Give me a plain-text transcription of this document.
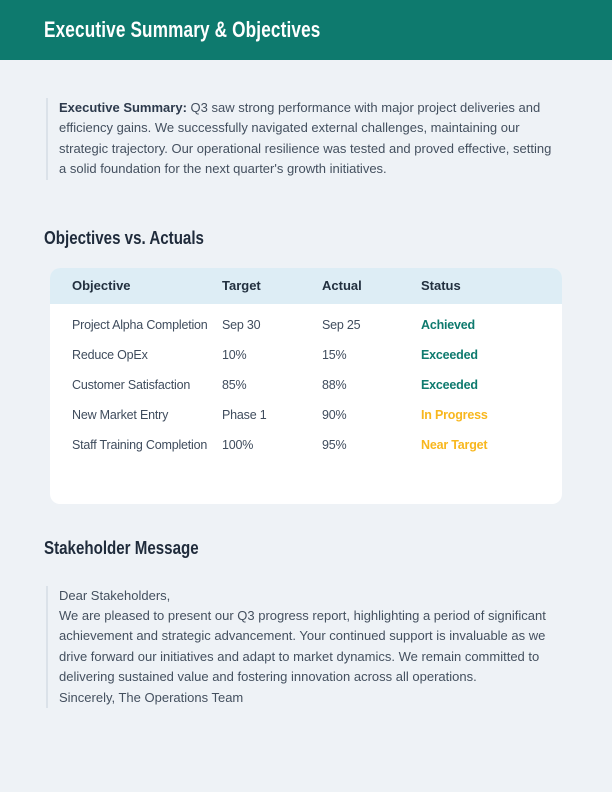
Executive Summary & Objectives
Executive Summary: Q3 saw strong performance with major project deliveries and efficiency gains. We successfully navigated external challenges, maintaining our strategic trajectory. Our operational resilience was tested and proved effective, setting a solid foundation for the next quarter's growth initiatives.
Objectives vs. Actuals
Objective	Target	Actual	Status
Project Alpha Completion	Sep 30	Sep 25	Achieved
Reduce OpEx	10%	15%	Exceeded
Customer Satisfaction	85%	88%	Exceeded
New Market Entry	Phase 1	90%	In Progress
Staff Training Completion	100%	95%	Near Target
Stakeholder Message

Dear Stakeholders,

We are pleased to present our Q3 progress report, highlighting a period of significant achievement and strategic advancement. Your continued support is invaluable as we drive forward our initiatives and adapt to market dynamics. We remain committed to delivering sustained value and fostering innovation across all operations.

Sincerely, The Operations Team
